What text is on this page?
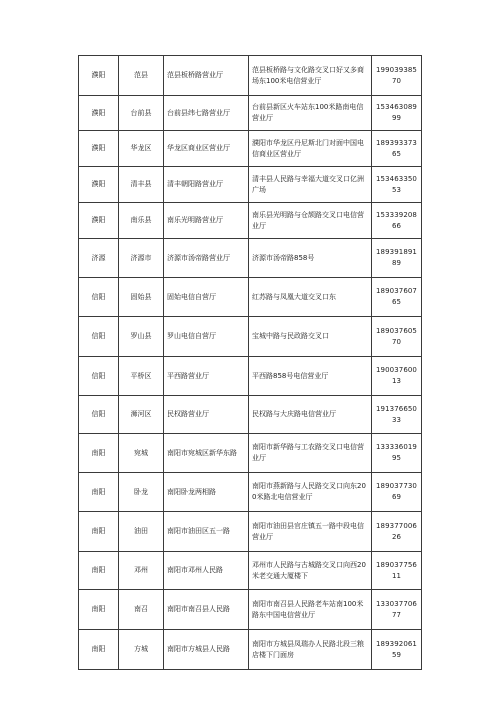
濮阳	范县	范县板桥路营业厅	范县板桥路与文化路交叉口好又多商场东100米电信营业厅	19903938570
濮阳	台前县	台前县纬七路营业厅	台前县新区火车站东100米路南电信营业厅	15346308999
濮阳	华龙区	华龙区商业区营业厅	濮阳市华龙区丹尼斯北门对面中国电信商业区营业厅	18939337365
濮阳	清丰县	清丰朝阳路营业厅	清丰县人民路与幸福大道交叉口亿洲广场	15346335053
濮阳	南乐县	南乐光明路营业厅	南乐县光明路与仓颉路交叉口电信营业厅	15333920866
济源	济源市	济源市汤帝路营业厅	济源市汤帝路858号	18939189189
信阳	固始县	固始电信自营厅	红苏路与凤凰大道交叉口东	18903760765
信阳	罗山县	罗山电信自营厅	宝城中路与民政路交叉口	18903760570
信阳	平桥区	平西路营业厅	平西路858号电信营业厅	19003760013
信阳	浉河区	民权路营业厅	民权路与大庆路电信营业厅	19137665033
南阳	宛城	南阳市宛城区新华东路	南阳市新华路与工农路交叉口电信营业厅	13333601995
南阳	卧龙	南阳卧龙两相路	南阳市燕新路与人民路交叉口向东200米路北电信营业厅	18903773069
南阳	油田	南阳市油田区五一路	南阳市油田县官庄镇五一路中段电信营业厅	18937700626
南阳	邓州	南阳市邓州人民路	邓州市人民路与古城路交叉口向西20米老交通大厦楼下	18903775611
南阳	南召	南阳市南召县人民路	南阳市南召县人民路老车站南100米路东中国电信营业厅	13303770677
南阳	方城	南阳市方城县人民路	南阳市方城县凤瑞办人民路北段三粮店楼下门面房	18939206159
